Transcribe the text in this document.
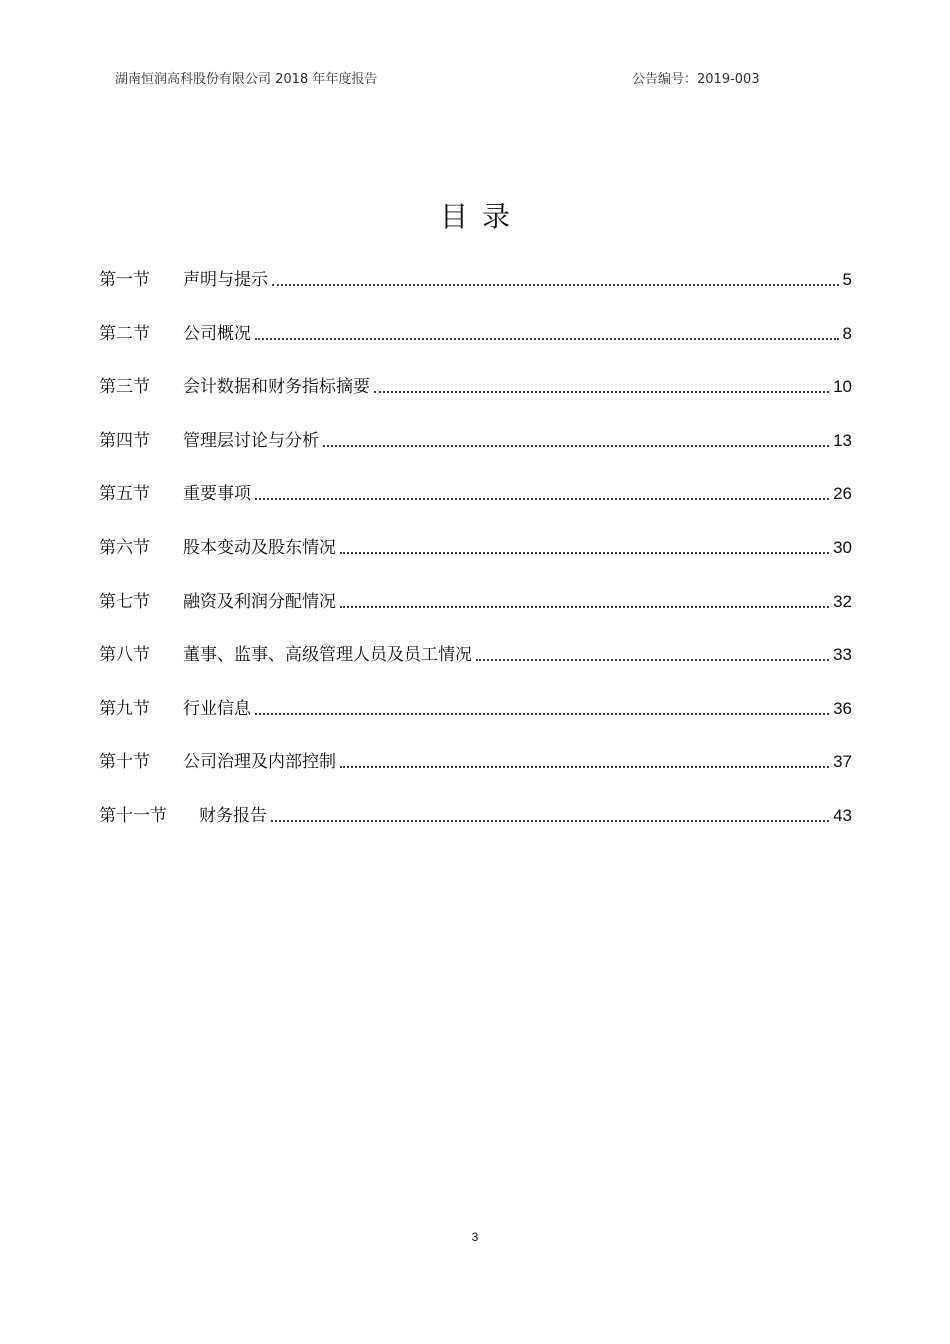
湖南恒润高科股份有限公司 2018 年年度报告	公告编号：2019-003
目录
第一节	声明与提示	5
第二节	公司概况	8
第三节	会计数据和财务指标摘要	10
第四节	管理层讨论与分析	13
第五节	重要事项	26
第六节	股本变动及股东情况	30
第七节	融资及利润分配情况	32
第八节	董事、监事、高级管理人员及员工情况	33
第九节	行业信息	36
第十节	公司治理及内部控制	37
第十一节	财务报告	43
3
